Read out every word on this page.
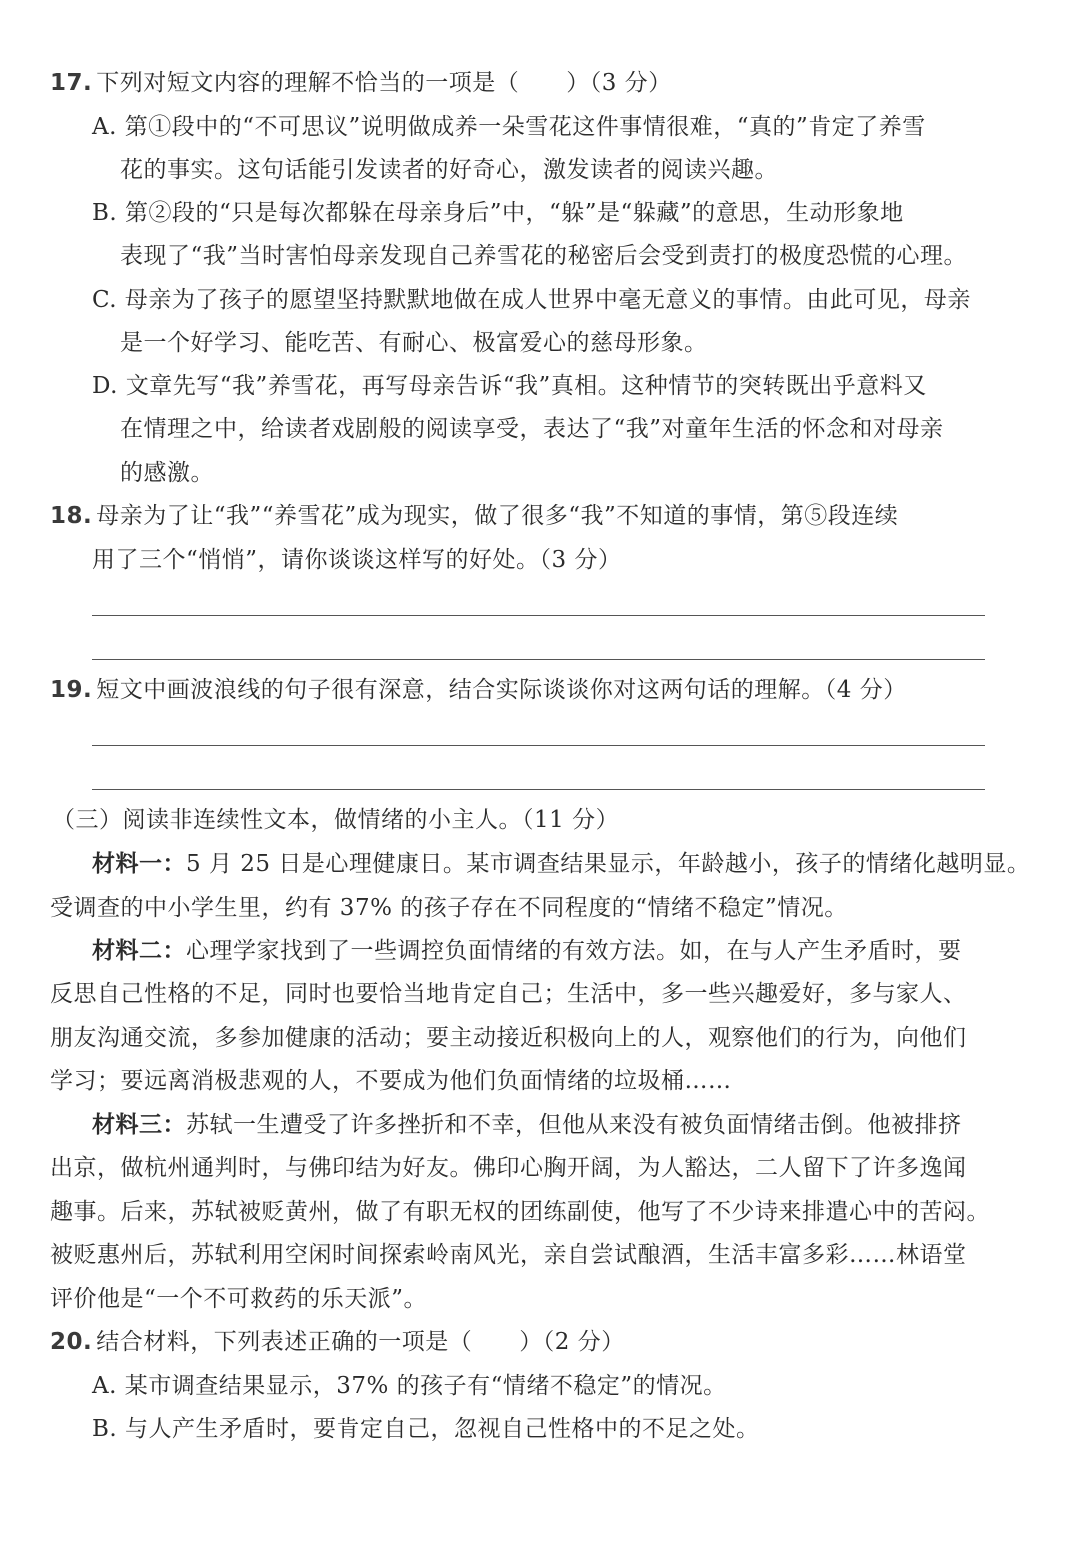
17. 下列对短文内容的理解不恰当的一项是（　　）（3 分）
A. 第①段中的“不可思议”说明做成养一朵雪花这件事情很难，“真的”肯定了养雪
花的事实。这句话能引发读者的好奇心，激发读者的阅读兴趣。
B. 第②段的“只是每次都躲在母亲身后”中，“躲”是“躲藏”的意思，生动形象地
表现了“我”当时害怕母亲发现自己养雪花的秘密后会受到责打的极度恐慌的心理。
C. 母亲为了孩子的愿望坚持默默地做在成人世界中毫无意义的事情。由此可见，母亲
是一个好学习、能吃苦、有耐心、极富爱心的慈母形象。
D. 文章先写“我”养雪花，再写母亲告诉“我”真相。这种情节的突转既出乎意料又
在情理之中，给读者戏剧般的阅读享受，表达了“我”对童年生活的怀念和对母亲
的感激。
18. 母亲为了让“我”“养雪花”成为现实，做了很多“我”不知道的事情，第⑤段连续
用了三个“悄悄”，请你谈谈这样写的好处。（3 分）
19. 短文中画波浪线的句子很有深意，结合实际谈谈你对这两句话的理解。（4 分）
（三）阅读非连续性文本，做情绪的小主人。（11 分）
材料一：5 月 25 日是心理健康日。某市调查结果显示，年龄越小，孩子的情绪化越明显。
受调查的中小学生里，约有 37% 的孩子存在不同程度的“情绪不稳定”情况。
材料二：心理学家找到了一些调控负面情绪的有效方法。如，在与人产生矛盾时，要
反思自己性格的不足，同时也要恰当地肯定自己；生活中，多一些兴趣爱好，多与家人、
朋友沟通交流，多参加健康的活动；要主动接近积极向上的人，观察他们的行为，向他们
学习；要远离消极悲观的人，不要成为他们负面情绪的垃圾桶……
材料三：苏轼一生遭受了许多挫折和不幸，但他从来没有被负面情绪击倒。他被排挤
出京，做杭州通判时，与佛印结为好友。佛印心胸开阔，为人豁达，二人留下了许多逸闻
趣事。后来，苏轼被贬黄州，做了有职无权的团练副使，他写了不少诗来排遣心中的苦闷。
被贬惠州后，苏轼利用空闲时间探索岭南风光，亲自尝试酿酒，生活丰富多彩……林语堂
评价他是“一个不可救药的乐天派”。
20. 结合材料，下列表述正确的一项是（　　）（2 分）
A. 某市调查结果显示，37% 的孩子有“情绪不稳定”的情况。
B. 与人产生矛盾时，要肯定自己，忽视自己性格中的不足之处。
